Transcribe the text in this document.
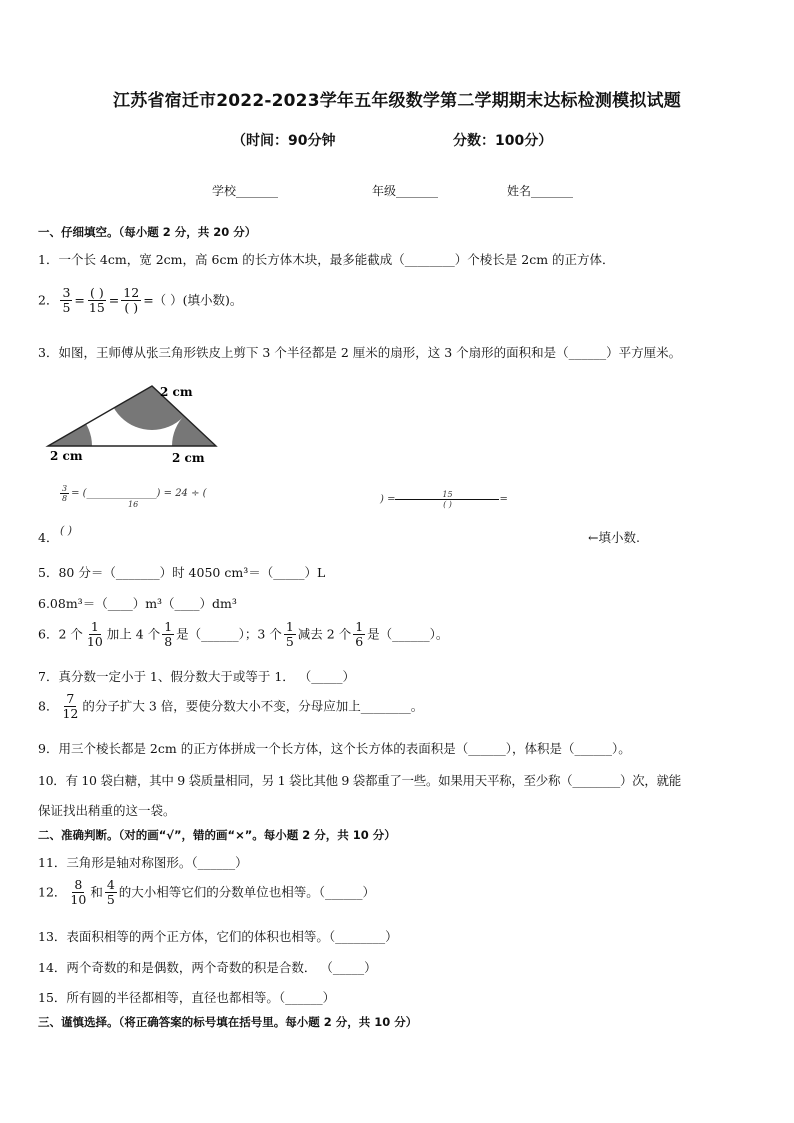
江苏省宿迁市2022-2023学年五年级数学第二学期期末达标检测模拟试题
（时间：90分钟	分数：100分）
学校_______	年级_______	姓名_______
一、仔细填空。（每小题 2 分，共 20 分）
1．一个长 4cm，宽 2cm，高 6cm 的长方体木块，最多能截成（________）个棱长是 2cm 的正方体．
2． $\frac{3}{5} = \frac{( )}{15} = \frac{12}{( )}$ =（ ）(填小数)。
3．如图，王师傅从张三角形铁皮上剪下 3 个半径都是 2 厘米的扇形，这 3 个扇形的面积和是（______）平方厘米。
2 cm
2 cm	2 cm
$\frac{3}{8}$ = (______________) = 24 ÷ (
16	) = $\frac{15}{( )}$ =
4． ( )	←填小数.
5．80 分＝（_______）时 4050 cm³＝（_____）L
6.08m³＝（____）m³（____）dm³
6．2 个 $\frac{1}{10}$ 加上 4 个 $\frac{1}{8}$ 是（______）；3 个 $\frac{1}{5}$ 减去 2 个 $\frac{1}{6}$ 是（______）。
7．真分数一定小于 1、假分数大于或等于 1． （_____）
8． $\frac{7}{12}$ 的分子扩大 3 倍，要使分数大小不变，分母应加上________。
9．用三个棱长都是 2cm 的正方体拼成一个长方体，这个长方体的表面积是（______），体积是（______）。
10．有 10 袋白糖，其中 9 袋质量相同，另 1 袋比其他 9 袋都重了一些。如果用天平称，至少称（________）次，就能
保证找出稍重的这一袋。
二、准确判断。（对的画“√”，错的画“×”。每小题 2 分，共 10 分）
11．三角形是轴对称图形。（______）
12． $\frac{8}{10}$ 和 $\frac{4}{5}$ 的大小相等它们的分数单位也相等。（______）
13．表面积相等的两个正方体，它们的体积也相等。（________）
14．两个奇数的和是偶数，两个奇数的积是合数． （_____）
15．所有圆的半径都相等，直径也都相等。（______）
三、谨慎选择。（将正确答案的标号填在括号里。每小题 2 分，共 10 分）
